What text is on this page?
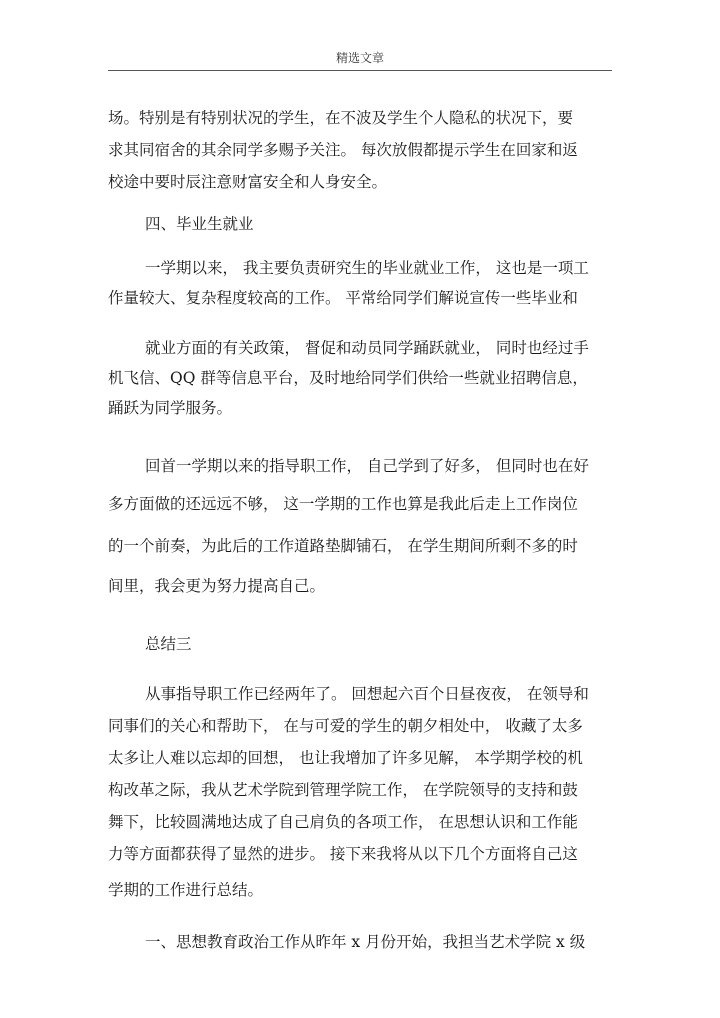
精选文章
场。特别是有特别状况的学生，在不波及学生个人隐私的状况下，要
求其同宿舍的其余同学多赐予关注。 每次放假都提示学生在回家和返
校途中要时辰注意财富安全和人身安全。
四、毕业生就业
一学期以来， 我主要负责研究生的毕业就业工作， 这也是一项工
作量较大、复杂程度较高的工作。 平常给同学们解说宣传一些毕业和
就业方面的有关政策， 督促和动员同学踊跃就业， 同时也经过手
机飞信、QQ 群等信息平台，及时地给同学们供给一些就业招聘信息，
踊跃为同学服务。
回首一学期以来的指导职工作， 自己学到了好多， 但同时也在好
多方面做的还远远不够， 这一学期的工作也算是我此后走上工作岗位
的一个前奏，为此后的工作道路垫脚铺石， 在学生期间所剩不多的时
间里，我会更为努力提高自己。
总结三
从事指导职工作已经两年了。 回想起六百个日昼夜夜， 在领导和
同事们的关心和帮助下， 在与可爱的学生的朝夕相处中， 收藏了太多
太多让人难以忘却的回想， 也让我增加了许多见解， 本学期学校的机
构改革之际，我从艺术学院到管理学院工作， 在学院领导的支持和鼓
舞下，比较圆满地达成了自己肩负的各项工作， 在思想认识和工作能
力等方面都获得了显然的进步。 接下来我将从以下几个方面将自己这
学期的工作进行总结。
一、思想教育政治工作从昨年 x 月份开始，我担当艺术学院 x 级
